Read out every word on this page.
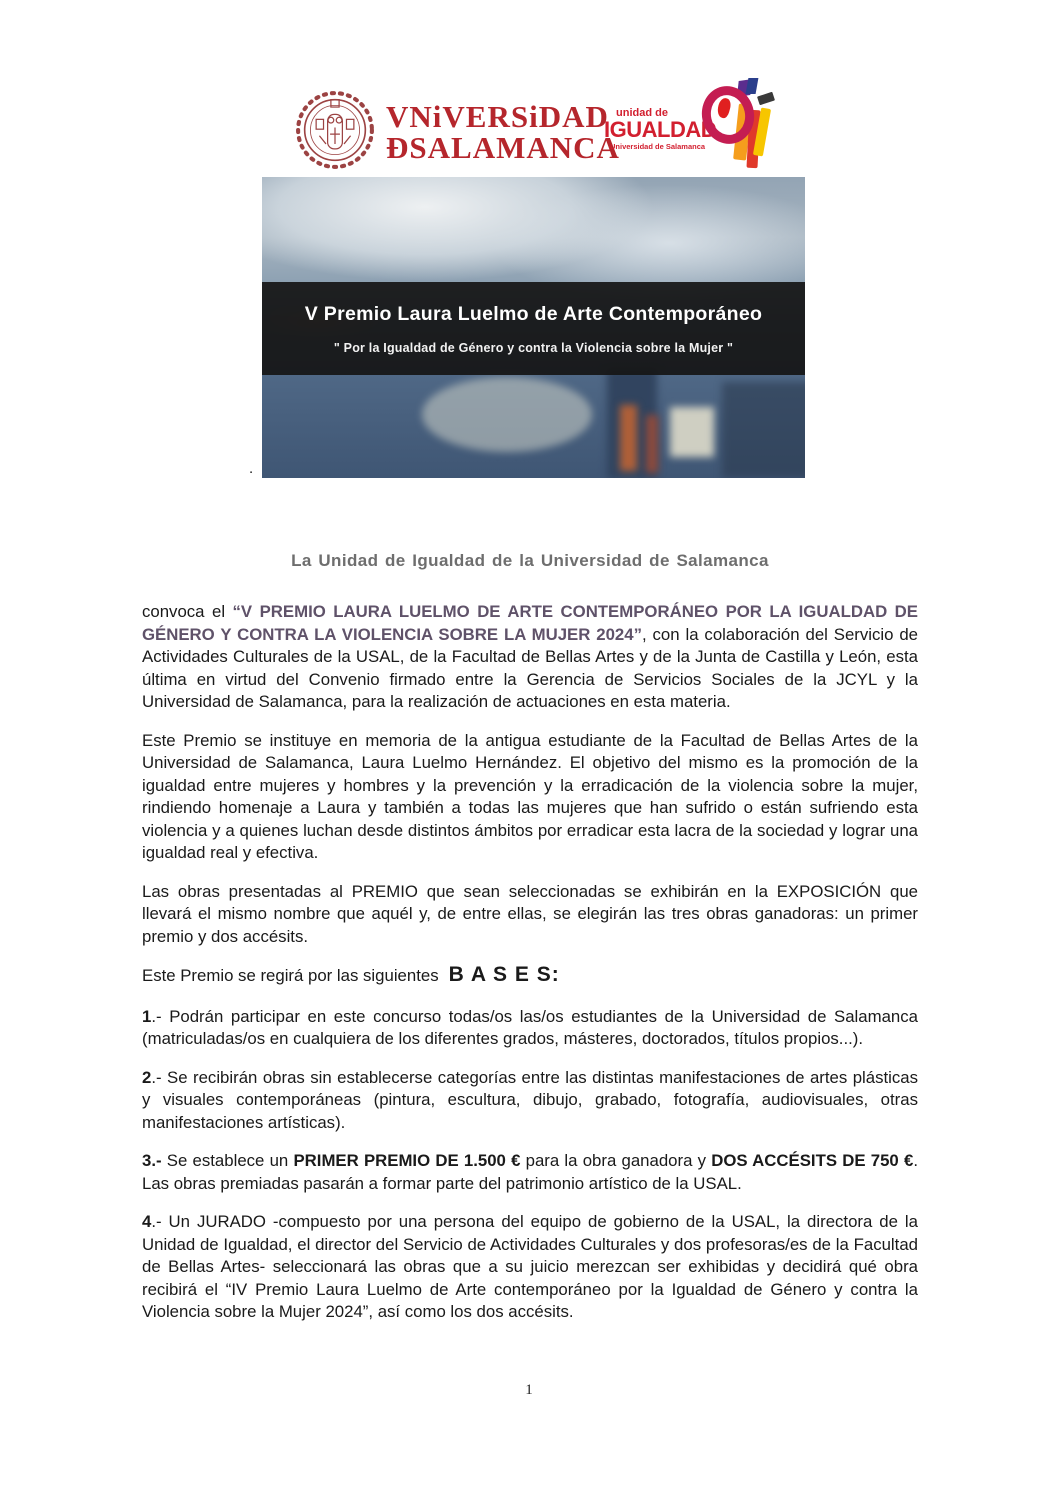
VNiVERSiDAD
ĐSALAMANCA
unidad de
IGUALDAD
Universidad de Salamanca
V Premio Laura Luelmo de Arte Contemporáneo
" Por la Igualdad de Género y contra la Violencia sobre la Mujer "
.
La Unidad de Igualdad de la Universidad de Salamanca

convoca el “V PREMIO LAURA LUELMO DE ARTE CONTEMPORÁNEO POR LA IGUALDAD DE GÉNERO Y CONTRA LA VIOLENCIA SOBRE LA MUJER 2024”, con la colaboración del Servicio de Actividades Culturales de la USAL, de la Facultad de Bellas Artes y de la Junta de Castilla y León, esta última en virtud del Convenio firmado entre la Gerencia de Servicios Sociales de la JCYL y la Universidad de Salamanca, para la realización de actuaciones en esta materia.

Este Premio se instituye en memoria de la antigua estudiante de la Facultad de Bellas Artes de la Universidad de Salamanca, Laura Luelmo Hernández. El objetivo del mismo es la promoción de la igualdad entre mujeres y hombres y la prevención y la erradicación de la violencia sobre la mujer, rindiendo homenaje a Laura y también a todas las mujeres que han sufrido o están sufriendo esta violencia y a quienes luchan desde distintos ámbitos por erradicar esta lacra de la sociedad y lograr una igualdad real y efectiva.

Las obras presentadas al PREMIO que sean seleccionadas se exhibirán en la EXPOSICIÓN que llevará el mismo nombre que aquél y, de entre ellas, se elegirán las tres obras ganadoras: un primer premio y dos accésits.

Este Premio se regirá por las siguientes B A S E S:

1.- Podrán participar en este concurso todas/os las/os estudiantes de la Universidad de Salamanca (matriculadas/os en cualquiera de los diferentes grados, másteres, doctorados, títulos propios...).

2.- Se recibirán obras sin establecerse categorías entre las distintas manifestaciones de artes plásticas y visuales contemporáneas (pintura, escultura, dibujo, grabado, fotografía, audiovisuales, otras manifestaciones artísticas).

3.- Se establece un PRIMER PREMIO DE 1.500 € para la obra ganadora y DOS ACCÉSITS DE 750 €. Las obras premiadas pasarán a formar parte del patrimonio artístico de la USAL.

4.- Un JURADO -compuesto por una persona del equipo de gobierno de la USAL, la directora de la Unidad de Igualdad, el director del Servicio de Actividades Culturales y dos profesoras/es de la Facultad de Bellas Artes- seleccionará las obras que a su juicio merezcan ser exhibidas y decidirá qué obra recibirá el “IV Premio Laura Luelmo de Arte contemporáneo por la Igualdad de Género y contra la Violencia sobre la Mujer 2024”, así como los dos accésits.

1
